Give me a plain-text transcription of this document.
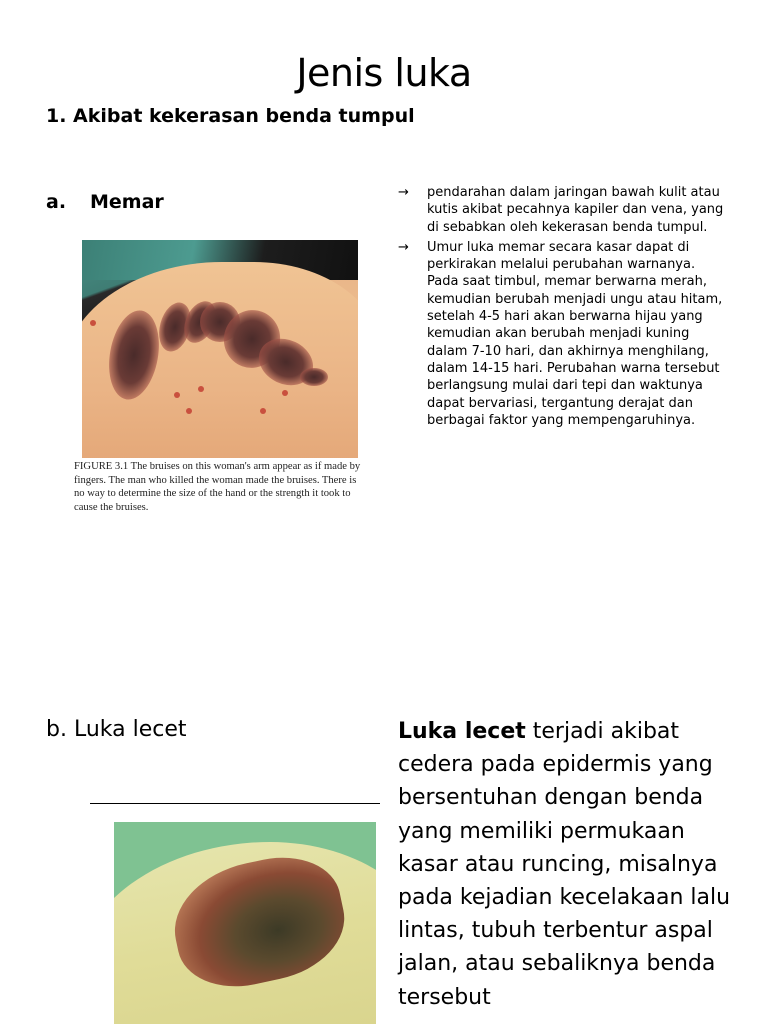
Jenis luka
1. Akibat kekerasan benda tumpul
a. Memar
FIGURE 3.1 The bruises on this woman's arm appear as if made by fingers. The man who killed the woman made the bruises. There is no way to determine the size of the hand or the strength it took to cause the bruises.
→ pendarahan dalam jaringan bawah kulit atau kutis akibat pecahnya kapiler dan vena, yang di sebabkan oleh kekerasan benda tumpul.
→ Umur luka memar secara kasar dapat di perkirakan melalui perubahan warnanya. Pada saat timbul, memar berwarna merah, kemudian berubah menjadi ungu atau hitam, setelah 4-5 hari akan berwarna hijau yang kemudian akan berubah menjadi kuning dalam 7-10 hari, dan akhirnya menghilang, dalam 14-15 hari. Perubahan warna tersebut berlangsung mulai dari tepi dan waktunya dapat bervariasi, tergantung derajat dan berbagai faktor yang mempengaruhinya.
b. Luka lecet	Luka lecet terjadi akibat cedera pada epidermis yang bersentuhan dengan benda yang memiliki permukaan kasar atau runcing, misalnya pada kejadian kecelakaan lalu lintas, tubuh terbentur aspal jalan, atau sebaliknya benda tersebut
